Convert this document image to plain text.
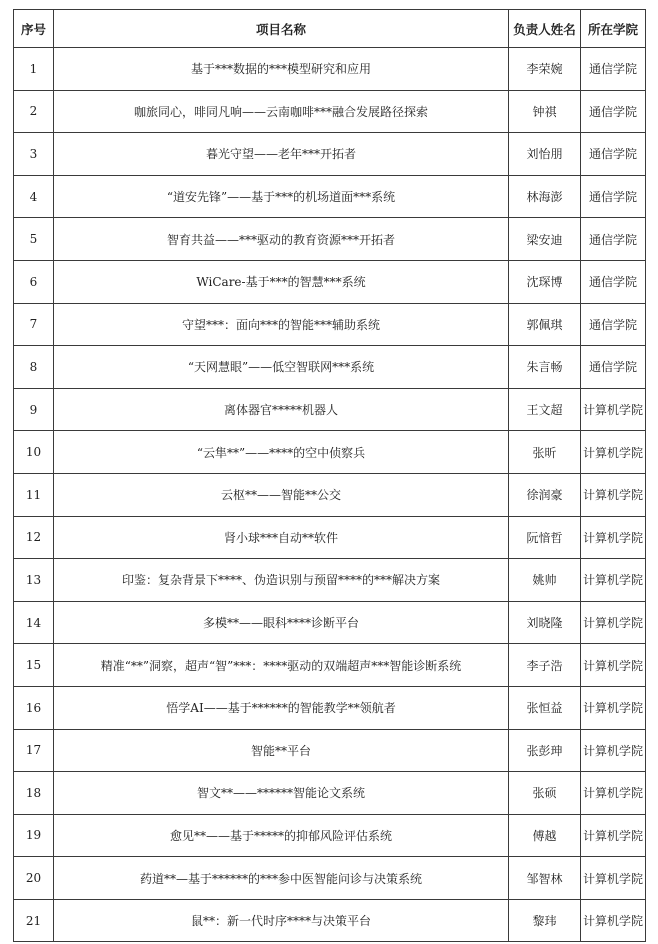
序号	项目名称	负责人姓名	所在学院
1	基于***数据的***模型研究和应用	李荣婉	通信学院
2	咖旅同心，啡同凡响——云南咖啡***融合发展路径探索	钟祺	通信学院
3	暮光守望——老年***开拓者	刘怡朋	通信学院
4	“道安先锋”——基于***的机场道面***系统	林海澎	通信学院
5	智育共益——***驱动的教育资源***开拓者	梁安迪	通信学院
6	WiCare-基于***的智慧***系统	沈琛博	通信学院
7	守望***：面向***的智能***辅助系统	郭佩琪	通信学院
8	“天网慧眼”——低空智联网***系统	朱言畅	通信学院
9	离体器官*****机器人	王文超	计算机学院
10	“云隼**”——****的空中侦察兵	张昕	计算机学院
11	云枢**——智能**公交	徐润豪	计算机学院
12	肾小球***自动**软件	阮愔哲	计算机学院
13	印鉴：复杂背景下****、伪造识别与预留****的***解决方案	姚帅	计算机学院
14	多模**——眼科****诊断平台	刘晓隆	计算机学院
15	精准“**”洞察，超声“智”***：****驱动的双端超声***智能诊断系统	李子浩	计算机学院
16	悟学AI——基于******的智能教学**领航者	张恒益	计算机学院
17	智能**平台	张彭珅	计算机学院
18	智文**——******智能论文系统	张硕	计算机学院
19	愈见**——基于*****的抑郁风险评估系统	傅越	计算机学院
20	药道**—基于******的***参中医智能问诊与决策系统	邹智林	计算机学院
21	鼠**：新一代时序****与决策平台	黎玮	计算机学院
